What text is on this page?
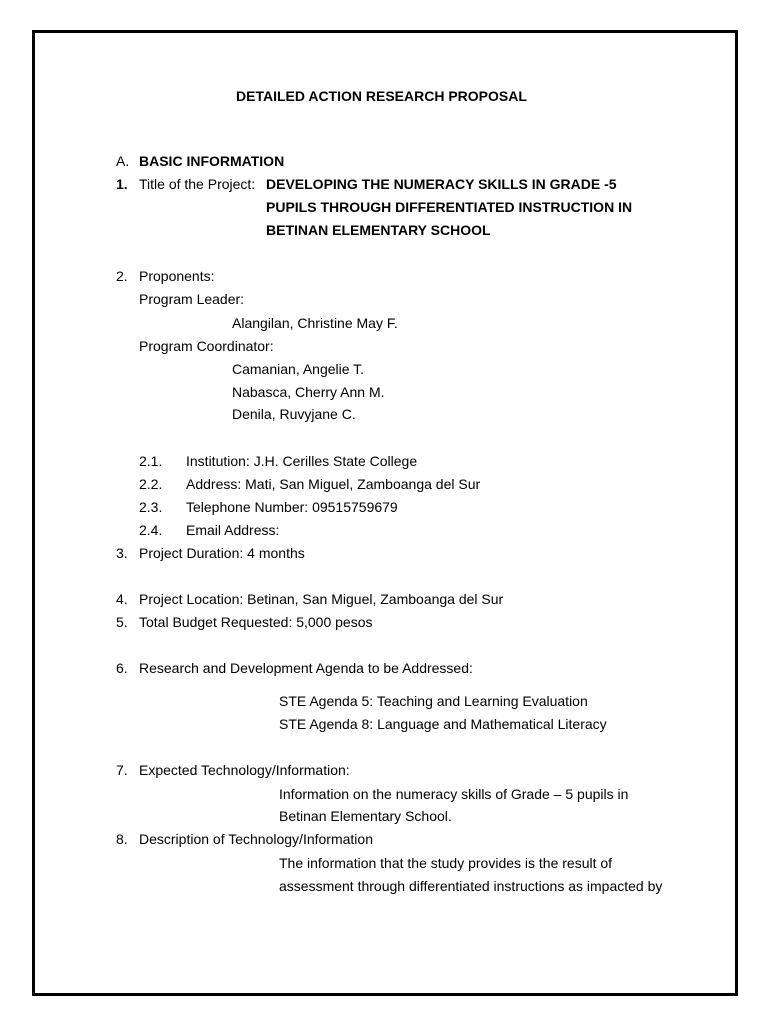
DETAILED ACTION RESEARCH PROPOSAL
A. BASIC INFORMATION
1. Title of the Project: DEVELOPING THE NUMERACY SKILLS IN GRADE -5
PUPILS THROUGH DIFFERENTIATED INSTRUCTION IN
BETINAN ELEMENTARY SCHOOL
2. Proponents:
Program Leader:
Alangilan, Christine May F.
Program Coordinator:
Camanian, Angelie T.
Nabasca, Cherry Ann M.
Denila, Ruvyjane C.
2.1. Institution: J.H. Cerilles State College
2.2. Address: Mati, San Miguel, Zamboanga del Sur
2.3. Telephone Number: 09515759679
2.4. Email Address:
3. Project Duration: 4 months
4. Project Location: Betinan, San Miguel, Zamboanga del Sur
5. Total Budget Requested: 5,000 pesos
6. Research and Development Agenda to be Addressed:
STE Agenda 5: Teaching and Learning Evaluation
STE Agenda 8: Language and Mathematical Literacy
7. Expected Technology/Information:
Information on the numeracy skills of Grade – 5 pupils in
Betinan Elementary School.
8. Description of Technology/Information
The information that the study provides is the result of
assessment through differentiated instructions as impacted by
